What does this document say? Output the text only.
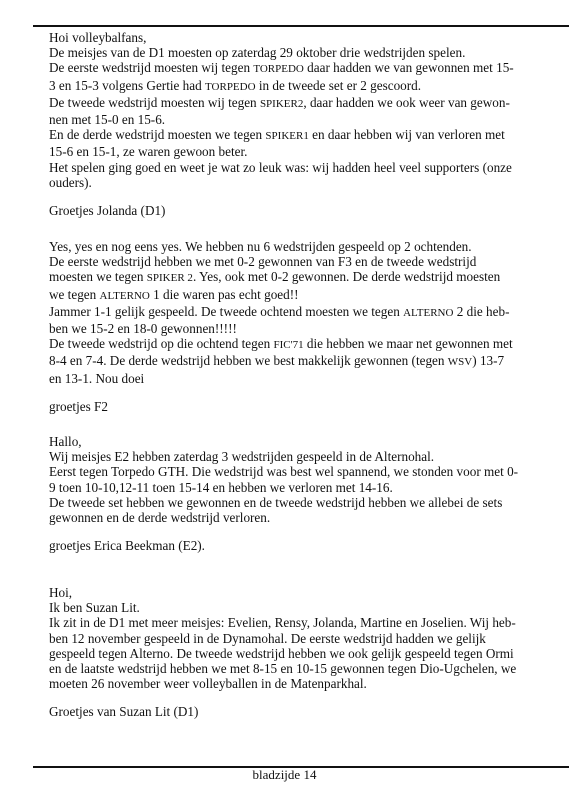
Hoi volleybalfans,

De meisjes van de D1 moesten op zaterdag 29 oktober drie wedstrijden spelen.

De eerste wedstrijd moesten wij tegen TORPEDO daar hadden we van gewonnen met 15-

3 en 15-3 volgens Gertie had TORPEDO in de tweede set er 2 gescoord.

De tweede wedstrijd moesten wij tegen SPIKER2, daar hadden we ook weer van gewon-

nen met 15-0 en 15-6.

En de derde wedstrijd moesten we tegen SPIKER1 en daar hebben wij van verloren met

15-6 en 15-1, ze waren gewoon beter.

Het spelen ging goed en weet je wat zo leuk was: wij hadden heel veel supporters (onze

ouders).

Groetjes Jolanda (D1)

Yes, yes en nog eens yes. We hebben nu 6 wedstrijden gespeeld op 2 ochtenden.

De eerste wedstrijd hebben we met 0-2 gewonnen van F3 en de tweede wedstrijd

moesten we tegen SPIKER 2. Yes, ook met 0-2 gewonnen. De derde wedstrijd moesten

we tegen ALTERNO 1 die waren pas echt goed!!

Jammer 1-1 gelijk gespeeld. De tweede ochtend moesten we tegen ALTERNO 2 die heb-

ben we 15-2 en 18-0 gewonnen!!!!!

De tweede wedstrijd op die ochtend tegen FIC'71 die hebben we maar net gewonnen met

8-4 en 7-4. De derde wedstrijd hebben we best makkelijk gewonnen (tegen WSV) 13-7

en 13-1. Nou doei

groetjes F2

Hallo,

Wij meisjes E2 hebben zaterdag 3 wedstrijden gespeeld in de Alternohal.

Eerst tegen Torpedo GTH. Die wedstrijd was best wel spannend, we stonden voor met 0-

9 toen 10-10,12-11 toen 15-14 en hebben we verloren met 14-16.

De tweede set hebben we gewonnen en de tweede wedstrijd hebben we allebei de sets

gewonnen en de derde wedstrijd verloren.

groetjes Erica Beekman (E2).

Hoi,

Ik ben Suzan Lit.

Ik zit in de D1 met meer meisjes: Evelien, Rensy, Jolanda, Martine en Joselien. Wij heb-

ben 12 november gespeeld in de Dynamohal. De eerste wedstrijd hadden we gelijk

gespeeld tegen Alterno. De tweede wedstrijd hebben we ook gelijk gespeeld tegen Ormi

en de laatste wedstrijd hebben we met 8-15 en 10-15 gewonnen tegen Dio-Ugchelen, we

moeten 26 november weer volleyballen in de Matenparkhal.

Groetjes van Suzan Lit (D1)

bladzijde 14
